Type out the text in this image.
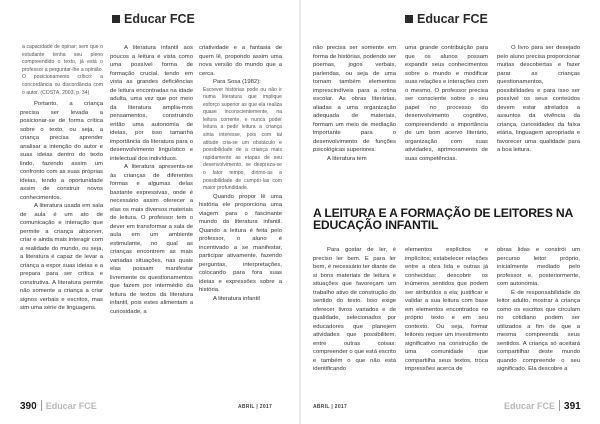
Educar FCE

a capacidade de opinar; sem que o estudante tenha seu pleno compreendido o texto, já está o professor a perguntar-lhe a opinião. O posicionamento crítico: a concordância ou discordância com o autor. (COSTA, 2003, p. 34)

Portanto, a criança precisa ser levada a posicionar-se de forma crítica sobre o texto, ou seja, a criança precisa aprender analisar a intenção do autor e suas ideias dentro do texto lindo, fazendo assim um confronto com as suas próprias ideias, tendo a oportunidade assim de construir novos conhecimentos.

A literatura usada em sala de aula é um ato de comunicação e interação que permite a criança absorver, criar e ainda mais interagir com a realidade do mundo, ou seja, a literatura é capaz de levar a criança a expor suas ideias e a prepara para ser crítica e construtiva. A literatura permite não somente a criança a criar signos verbais e escritos, mas sim uma série de linguagens.

A literatura infantil aos poucos a leitura é vista como uma possível forma de formação crucial, tendo em vista as grandes deficiências de leitura encontradas na idade adulta, uma vez que por meio da literatura amplia-mos pensamentos, construindo então uma autonomia de ideias, por isso tamanha importância da literatura para o desenvolvimento linguístico e intelectual dos indivíduos.

A literatura apresenta-se às crianças de diferentes formas e algumas delas bastante expressivas, onde é necessário assim oferecer a elas os mais diversos materiais de leitura. O professor tem o dever em transformar a sala de aula em um ambiente estimulante, no qual as crianças encontrem as mais variadas situações, nas quais elas possam manifestar livremente os questionamentos que fazem por intermédio da leitura de textos da literatura infantil, pois estes alimentam a curiosidade, a

criatividade e a fantasia de quem lê, propondo assim uma nova versão do mundo que a cerca.

Para Sosa (1982):

Escrever histórias pode ou não ir numa literatura que implique esforço superior as que ela realiza quase inconscientemente, na leitura corrente, e nunca poder leitura a pedir leitura a criança sinta interesse, pois com tal atitude cria-se um obstáculo e possibilidade de a criança mais rapidamente as etapas de seu desenvolvimento, se despreza-se o fator tempo, dirimo-as a possibilidade de cumprir-las com maior profundidade.

Quando propor lê uma história ele proporciona uma viagem para o fascinante mundo da literatura infantil. Quando a leitura é feita pelo professor, o aluno é incentivado a se manifestar, participar ativamente, fazendo perguntas, interpretações, colocando para fora suas ideias e expressões sobre a história.

A literatura infantil

390 Educar FCE	ABRIL | 2017
Educar FCE

não precisa ser somente em forma de histórias, podendo ser poemas, jogos verbais, parlendas, ou seja de uma tornam também elementos imprescindíveis para a rotina escolar. As obras literárias, aliadas a uma organização adequada de materiais, formam um meio de mediação importante para o desenvolvimento de funções psicológicas superiores.

A literatura tem

uma grande contribuição para que os alunos possam expandir seus conhecimentos sobre o mundo e modificar suas relações e interações com o mesmo. O professor precisa ser consciente sobre o seu papel no processo do desenvolvimento cognitivo, compreendendo a importância de um bom acervo literário, organização com suas atividades, aprimoramento de suas competências.

O livro para ser desejado pelo aluno precisa proporcionar muitas descobertas e fazer parar as crianças questionamentos, possibilidades e para isso ser possível os seus conteúdos devem estar atrelados a assuntos da vivência da criança, curiosidades da faixa etária, linguagem apropriada e favorecer uma qualidade para a boa leitura.

A LEITURA E A FORMAÇÃO DE LEITORES NA EDUCAÇÃO INFANTIL

Para gostar de ler, é preciso ler bem. E para ler bem, é necessário ter diante de si bons materiais de leitura e situações que favoreçam um trabalho ativo de construção do sentido do texto. Isso exige oferecer livros variados e de qualidade, selecionados por educadores que planejem atividades que possibilitem, entre outras coisas: compreender o que está escrito e também o que não está identificando

elementos explícitos e implícitos; estabelecer relações entre a obra lida e outras já conhecidas; descobrir os inúmeros sentidos que podem ser atribuídos a ela; justificar e validar a sua leitura com base em elementos encontrados no próprio texto e em seu contexto. Ou seja, formar leitores requer um investimento significativo na construção de uma comunidade que compartilha seus textos, troca impressões acerca de

obras lidas e constrói um percurso leitor próprio, inicialmente mediado pelo professor e, posteriormente, com autonomia.

É de responsabilidade do leitor adulto, mostrar à criança como os escritos que circulam no cotidiano podem ser utilizados a fim de que a mesma compreenda seus sentidos. A criança só aceitará compartilhar deste mundo quando compreende o seu significado. Ela descobre a

ABRIL | 2017	Educar FCE 391
